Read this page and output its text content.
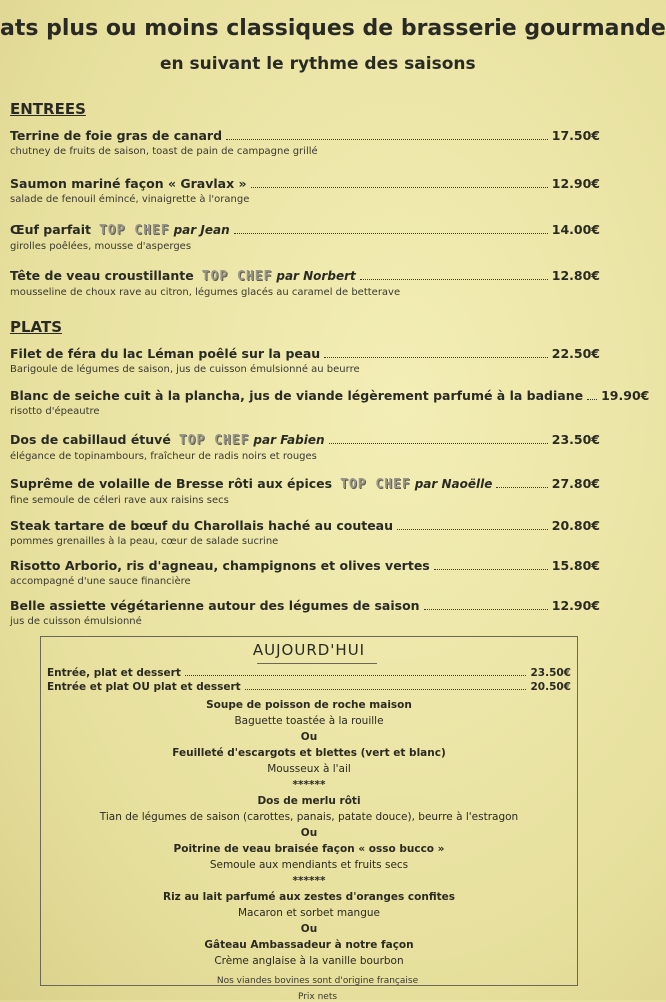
ats plus ou moins classiques de brasserie gourmande
en suivant le rythme des saisons
ENTREES
Terrine de foie gras de canard	17.50€
chutney de fruits de saison, toast de pain de campagne grillé
Saumon mariné façon « Gravlax »	12.90€
salade de fenouil émincé, vinaigrette à l'orange
Œuf parfait TOP CHEF par Jean	14.00€
girolles poêlées, mousse d'asperges
Tête de veau croustillante TOP CHEF par Norbert	12.80€
mousseline de choux rave au citron, légumes glacés au caramel de betterave
PLATS
Filet de féra du lac Léman poêlé sur la peau	22.50€
Barigoule de légumes de saison, jus de cuisson émulsionné au beurre
Blanc de seiche cuit à la plancha, jus de viande légèrement parfumé à la badiane 19.90€
risotto d'épeautre
Dos de cabillaud étuvé TOP CHEF par Fabien	23.50€
élégance de topinambours, fraîcheur de radis noirs et rouges
Suprême de volaille de Bresse rôti aux épices TOP CHEF par Naoëlle	27.80€
fine semoule de céleri rave aux raisins secs
Steak tartare de bœuf du Charollais haché au couteau	20.80€
pommes grenailles à la peau, cœur de salade sucrine
Risotto Arborio, ris d'agneau, champignons et olives vertes	15.80€
accompagné d'une sauce financière
Belle assiette végétarienne autour des légumes de saison	12.90€
jus de cuisson émulsionné
AUJOURD'HUI
Entrée, plat et dessert	23.50€
Entrée et plat OU plat et dessert	20.50€
Soupe de poisson de roche maison
Baguette toastée à la rouille
Ou
Feuilleté d'escargots et blettes (vert et blanc)
Mousseux à l'ail
******
Dos de merlu rôti
Tian de légumes de saison (carottes, panais, patate douce), beurre à l'estragon
Ou
Poitrine de veau braisée façon « osso bucco »
Semoule aux mendiants et fruits secs
******
Riz au lait parfumé aux zestes d'oranges confites
Macaron et sorbet mangue
Ou
Gâteau Ambassadeur à notre façon
Crème anglaise à la vanille bourbon
Nos viandes bovines sont d'origine française
Prix nets
